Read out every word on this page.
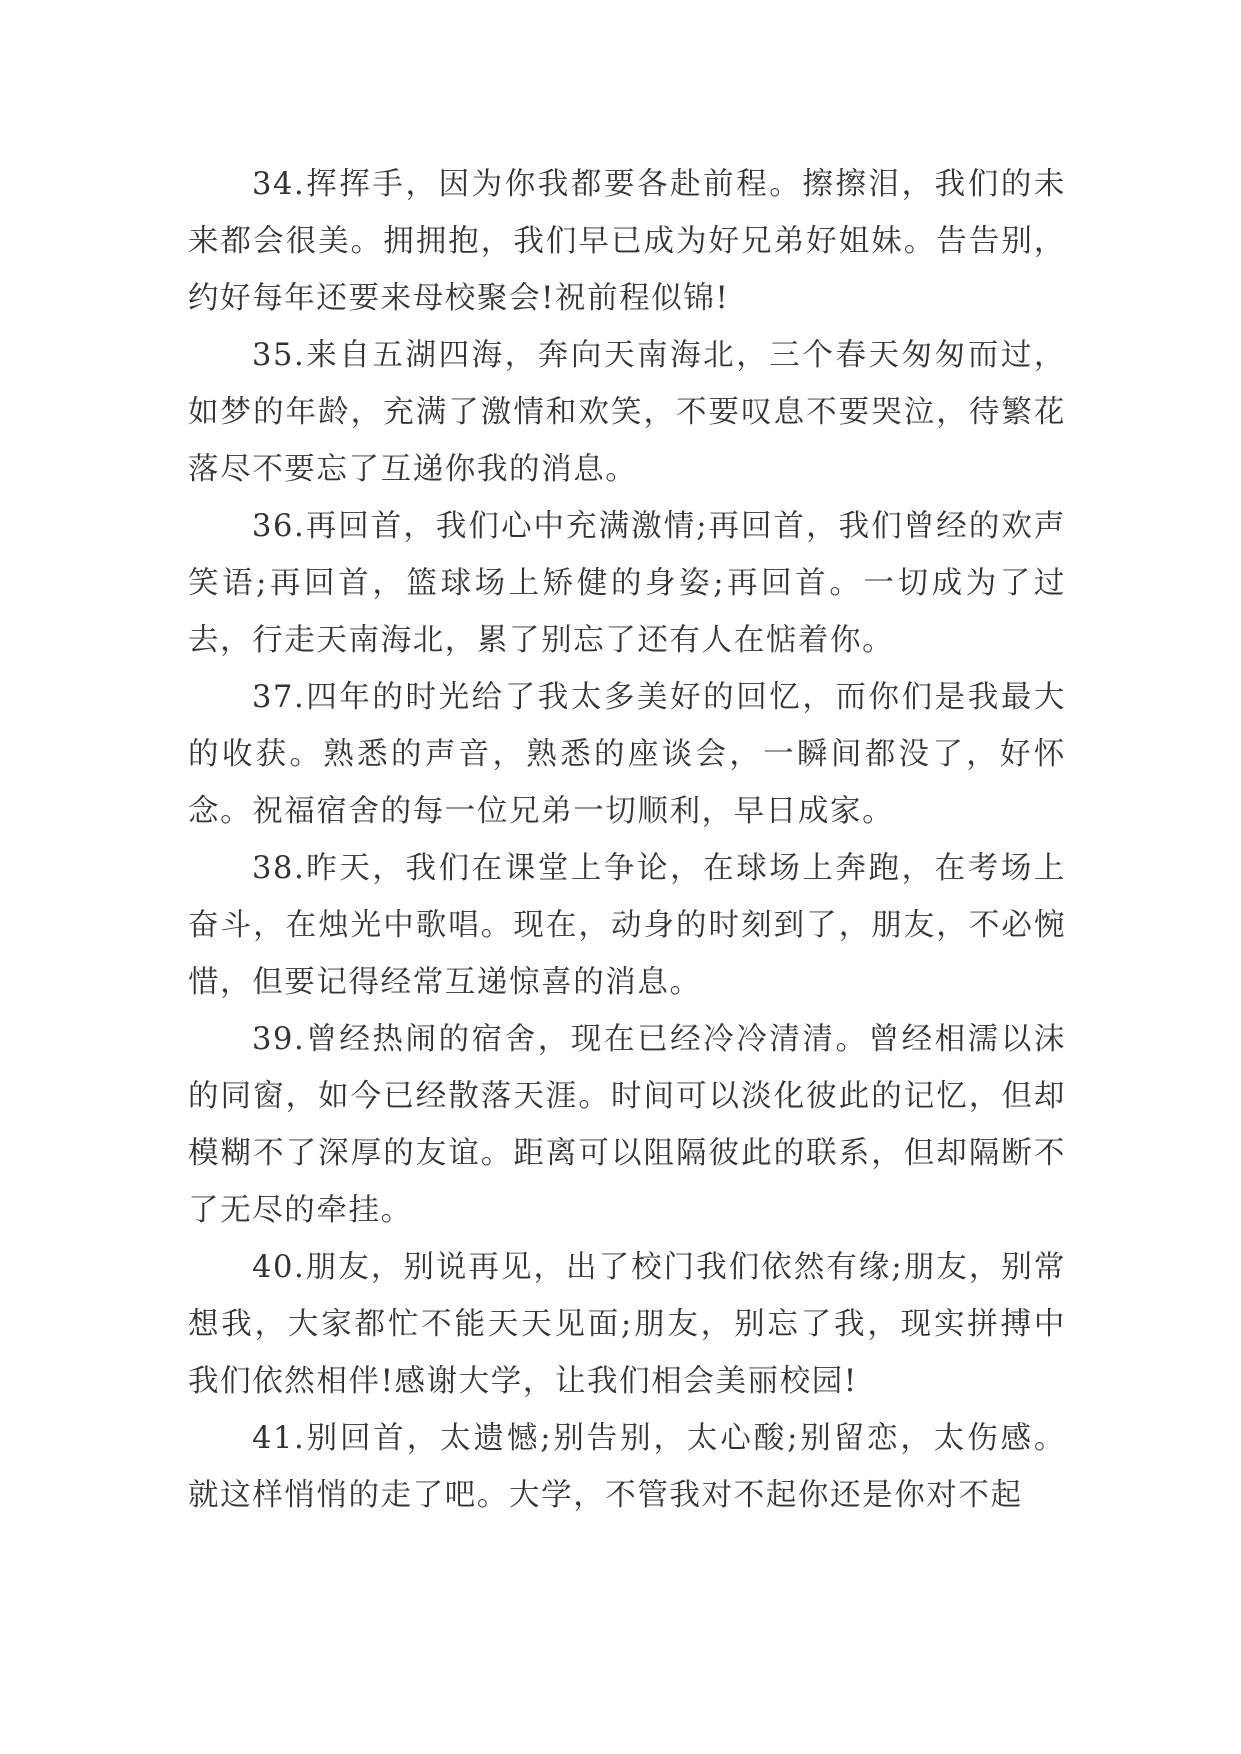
34.挥挥手，因为你我都要各赴前程。擦擦泪，我们的未来都会很美。拥拥抱，我们早已成为好兄弟好姐妹。告告别，约好每年还要来母校聚会!祝前程似锦!

35.来自五湖四海，奔向天南海北，三个春天匆匆而过，如梦的年龄，充满了激情和欢笑，不要叹息不要哭泣，待繁花落尽不要忘了互递你我的消息。

36.再回首，我们心中充满激情;再回首，我们曾经的欢声笑语;再回首，篮球场上矫健的身姿;再回首。一切成为了过去，行走天南海北，累了别忘了还有人在惦着你。

37.四年的时光给了我太多美好的回忆，而你们是我最大的收获。熟悉的声音，熟悉的座谈会，一瞬间都没了，好怀念。祝福宿舍的每一位兄弟一切顺利，早日成家。

38.昨天，我们在课堂上争论，在球场上奔跑，在考场上奋斗，在烛光中歌唱。现在，动身的时刻到了，朋友，不必惋惜，但要记得经常互递惊喜的消息。

39.曾经热闹的宿舍，现在已经冷冷清清。曾经相濡以沫的同窗，如今已经散落天涯。时间可以淡化彼此的记忆，但却模糊不了深厚的友谊。距离可以阻隔彼此的联系，但却隔断不了无尽的牵挂。

40.朋友，别说再见，出了校门我们依然有缘;朋友，别常想我，大家都忙不能天天见面;朋友，别忘了我，现实拼搏中我们依然相伴!感谢大学，让我们相会美丽校园!

41.别回首，太遗憾;别告别，太心酸;别留恋，太伤感。就这样悄悄的走了吧。大学，不管我对不起你还是你对不起
